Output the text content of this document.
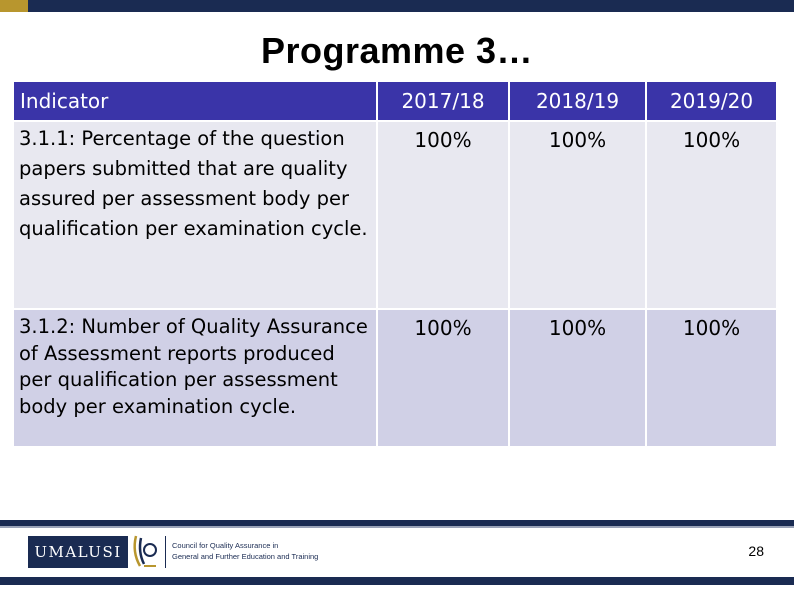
Programme 3…
Indicator	2017/18	2018/19	2019/20

3.1.1: Percentage of the question papers submitted that are quality assured per assessment body per qualification per examination cycle.	100%	100%	100%

3.1.2: Number of Quality Assurance of Assessment reports produced per qualification per assessment body per examination cycle.	100%	100%	100%
UMALUSI	Council for Quality Assurance in
General and Further Education and Training	28
